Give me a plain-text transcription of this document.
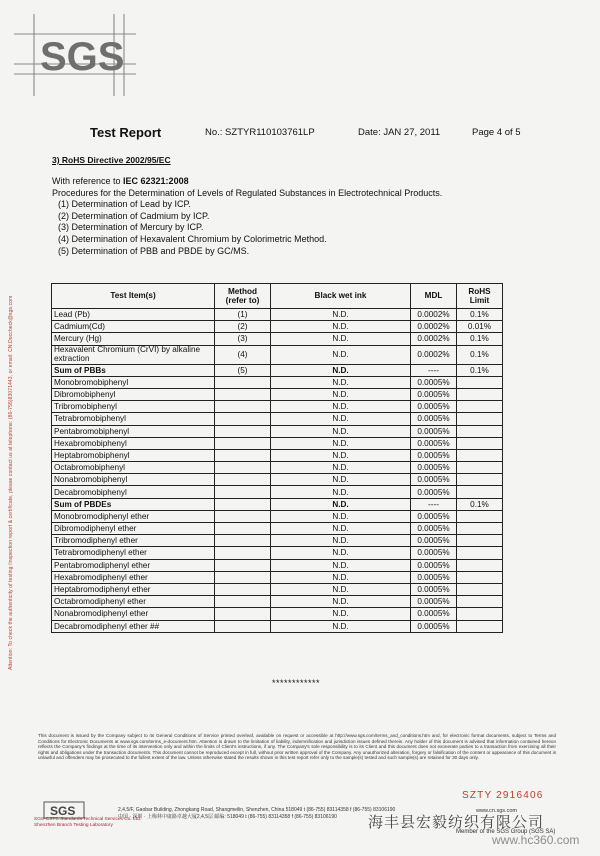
SGS
Attention: To check the authenticity of testing /inspection report & certificate, please contact us at telephone: (86-755)83071443, or email: CN.Doccheck@sgs.com
Test Report	No.: SZTYR110103761LP	Date: JAN 27, 2011	Page 4 of 5
3) RoHS Directive 2002/95/EC
With reference to IEC 62321:2008
Procedures for the Determination of Levels of Regulated Substances in Electrotechnical Products.
(1) Determination of Lead by ICP.
(2) Determination of Cadmium by ICP.
(3) Determination of Mercury by ICP.
(4) Determination of Hexavalent Chromium by Colorimetric Method.
(5) Determination of PBB and PBDE by GC/MS.
Test Item(s)	Method (refer to)	Black wet ink	MDL	RoHS Limit
Lead (Pb)	(1)	N.D.	0.0002%	0.1%
Cadmium(Cd)	(2)	N.D.	0.0002%	0.01%
Mercury (Hg)	(3)	N.D.	0.0002%	0.1%
Hexavalent Chromium (CrVI) by alkaline extraction	(4)	N.D.	0.0002%	0.1%
Sum of PBBs	(5)	N.D.	----	0.1%
Monobromobiphenyl		N.D.	0.0005%	
Dibromobiphenyl		N.D.	0.0005%	
Tribromobiphenyl		N.D.	0.0005%	
Tetrabromobiphenyl		N.D.	0.0005%	
Pentabromobiphenyl		N.D.	0.0005%	
Hexabromobiphenyl		N.D.	0.0005%	
Heptabromobiphenyl		N.D.	0.0005%	
Octabromobiphenyl		N.D.	0.0005%	
Nonabromobiphenyl		N.D.	0.0005%	
Decabromobiphenyl		N.D.	0.0005%	
Sum of PBDEs		N.D.	----	0.1%
Monobromodiphenyl ether		N.D.	0.0005%	
Dibromodiphenyl ether		N.D.	0.0005%	
Tribromodiphenyl ether		N.D.	0.0005%	
Tetrabromodiphenyl ether		N.D.	0.0005%	
Pentabromodiphenyl ether		N.D.	0.0005%	
Hexabromodiphenyl ether		N.D.	0.0005%	
Heptabromodiphenyl ether		N.D.	0.0005%	
Octabromodiphenyl ether		N.D.	0.0005%	
Nonabromodiphenyl ether		N.D.	0.0005%	
Decabromodiphenyl ether ##		N.D.	0.0005%	
************
This document is issued by the Company subject to its General Conditions of Service printed overleaf, available on request or accessible at http://www.sgs.com/terms_and_conditions.htm and, for electronic format documents, subject to Terms and Conditions for Electronic Documents at www.sgs.com/terms_e-document.htm. Attention is drawn to the limitation of liability, indemnification and jurisdiction issues defined therein. Any holder of this document is advised that information contained hereon reflects the Company's findings at the time of its intervention only and within the limits of Client's instructions, if any. The Company's sole responsibility is to its Client and this document does not exonerate parties to a transaction from exercising all their rights and obligations under the transaction documents. This document cannot be reproduced except in full, without prior written approval of the Company. Any unauthorized alteration, forgery or falsification of the content or appearance of this document is unlawful and offenders may be prosecuted to the fullest extent of the law. Unless otherwise stated the results shown in this test report refer only to the sample(s) tested and such sample(s) are retained for 30 days only.
SGS
SGS-CSTC Standards Technical Services Co. Ltd.
Shenzhen Branch Testing Laboratory
2,4,5/F, Gaobar Building, Zhongkang Road, Shangmeilin, Shenzhen, China 518049 t (86-755) 83114358 f (86-755) 83106190
中国 · 深圳 · 上梅林中康路卓越大厦2,4,5层 邮编: 518049 t (86-755) 83114358 f (86-755) 83106190
SZTY 2916406
www.cn.sgs.com
Member of the SGS Group (SGS SA)
海丰县宏毅纺织有限公司
www.hc360.com
